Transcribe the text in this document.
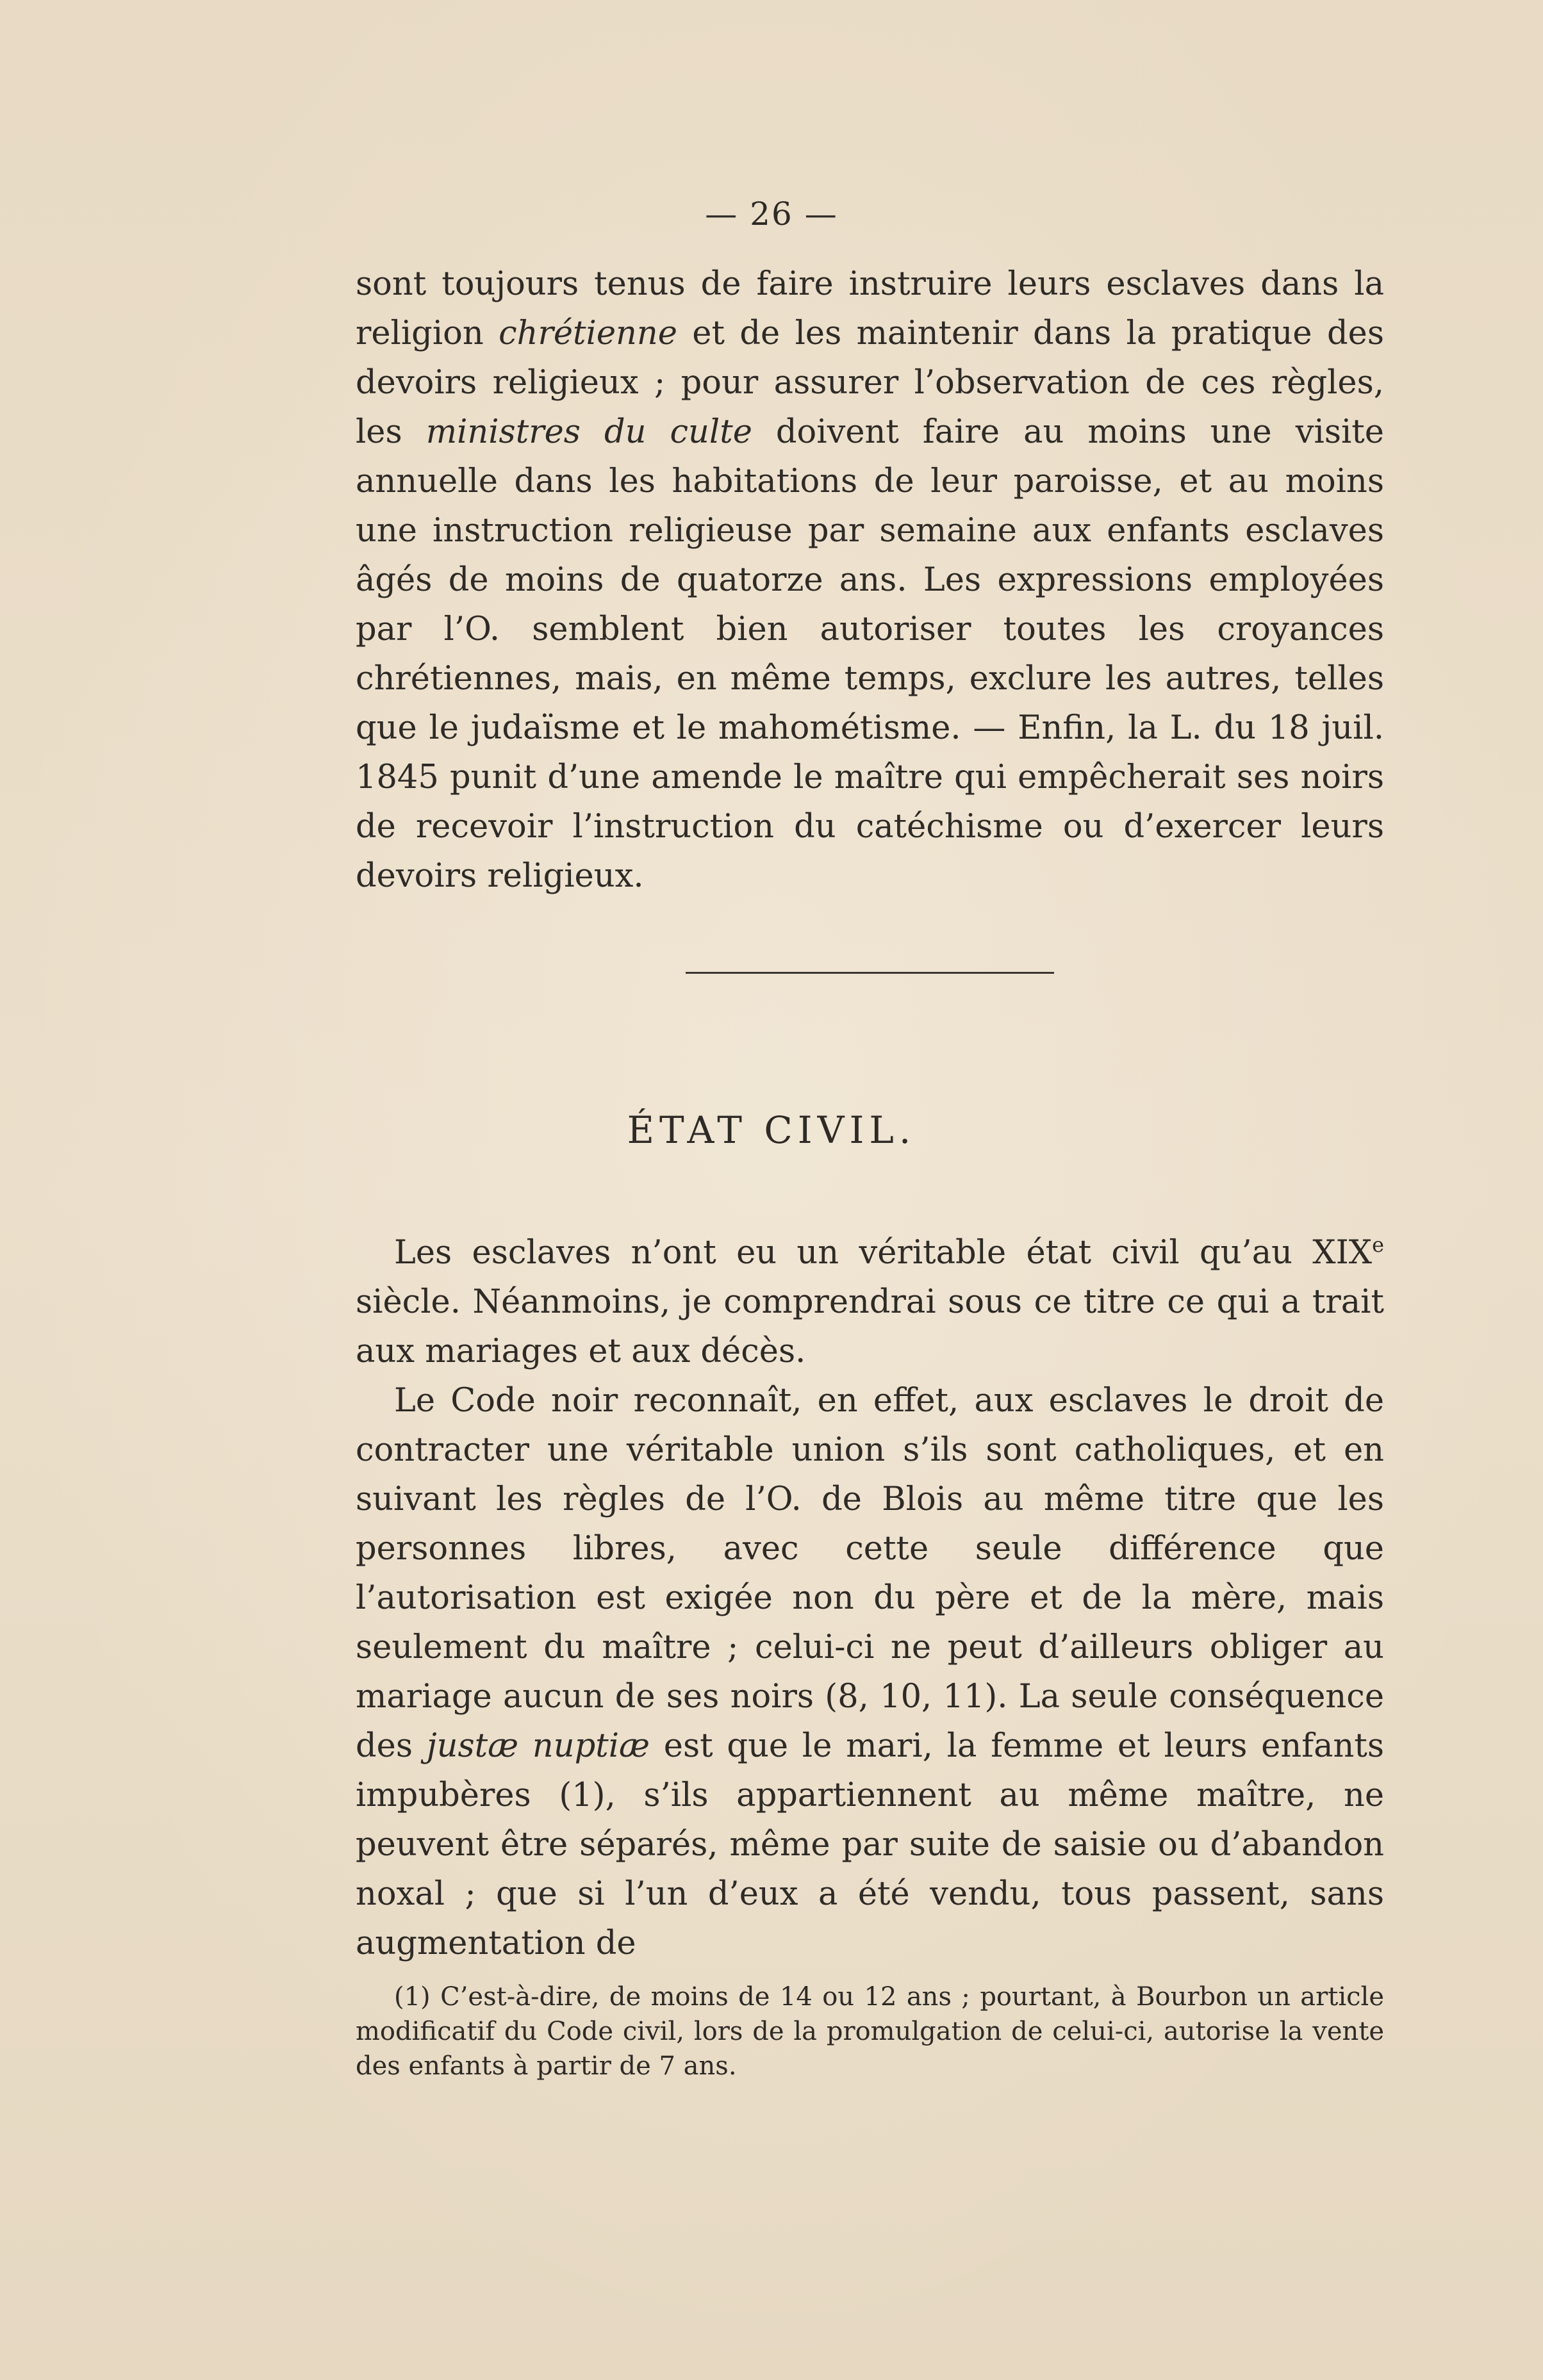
— 26 —

sont toujours tenus de faire instruire leurs esclaves dans la religion chrétienne et de les maintenir dans la pratique des devoirs religieux ; pour assurer l’observation de ces règles, les ministres du culte doivent faire au moins une visite annuelle dans les habitations de leur paroisse, et au moins une instruction religieuse par semaine aux enfants esclaves âgés de moins de quatorze ans. Les expressions employées par l’O. semblent bien autoriser toutes les croyances chrétiennes, mais, en même temps, exclure les autres, telles que le judaïsme et le mahométisme. — Enfin, la L. du 18 juil. 1845 punit d’une amende le maître qui empêcherait ses noirs de recevoir l’instruction du catéchisme ou d’exercer leurs devoirs religieux.

ÉTAT CIVIL.

Les esclaves n’ont eu un véritable état civil qu’au XIXe siècle. Néanmoins, je comprendrai sous ce titre ce qui a trait aux mariages et aux décès.

Le Code noir reconnaît, en effet, aux esclaves le droit de contracter une véritable union s’ils sont catholiques, et en suivant les règles de l’O. de Blois au même titre que les personnes libres, avec cette seule différence que l’autorisation est exigée non du père et de la mère, mais seulement du maître ; celui-ci ne peut d’ailleurs obliger au mariage aucun de ses noirs (8, 10, 11). La seule conséquence des justæ nuptiæ est que le mari, la femme et leurs enfants impubères (1), s’ils appartiennent au même maître, ne peuvent être séparés, même par suite de saisie ou d’abandon noxal ; que si l’un d’eux a été vendu, tous passent, sans augmentation de

(1) C’est-à-dire, de moins de 14 ou 12 ans ; pourtant, à Bourbon un article modificatif du Code civil, lors de la promulgation de celui-ci, autorise la vente des enfants à partir de 7 ans.
